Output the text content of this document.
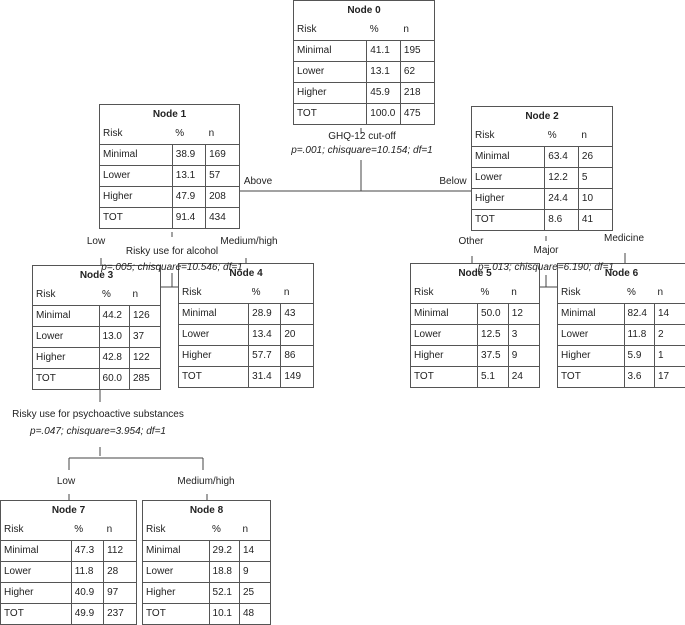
Node 0		
Risk	%	n
Minimal	41.1	195
Lower	13.1	62
Higher	45.9	218
TOT	100.0	475
Node 1		
Risk	%	n
Minimal	38.9	169
Lower	13.1	57
Higher	47.9	208
TOT	91.4	434
Node 2		
Risk	%	n
Minimal	63.4	26
Lower	12.2	5
Higher	24.4	10
TOT	8.6	41
Node 3		
Risk	%	n
Minimal	44.2	126
Lower	13.0	37
Higher	42.8	122
TOT	60.0	285
Node 4		
Risk	%	n
Minimal	28.9	43
Lower	13.4	20
Higher	57.7	86
TOT	31.4	149
Node 5		
Risk	%	n
Minimal	50.0	12
Lower	12.5	3
Higher	37.5	9
TOT	5.1	24
Node 6		
Risk	%	n
Minimal	82.4	14
Lower	11.8	2
Higher	5.9	1
TOT	3.6	17
Node 7		
Risk	%	n
Minimal	47.3	112
Lower	11.8	28
Higher	40.9	97
TOT	49.9	237
Node 8		
Risk	%	n
Minimal	29.2	14
Lower	18.8	9
Higher	52.1	25
TOT	10.1	48
GHQ-12 cut-off
p=.001; chisquare=10.154; df=1
Above	Below
Risky use for alcohol
p=.005; chisquare=10.546; df=1
Low	Medium/high
Major
p=.013; chisquare=6.190; df=1
Other	Medicine
Risky use for psychoactive substances
p=.047; chisquare=3.954; df=1
Low	Medium/high
